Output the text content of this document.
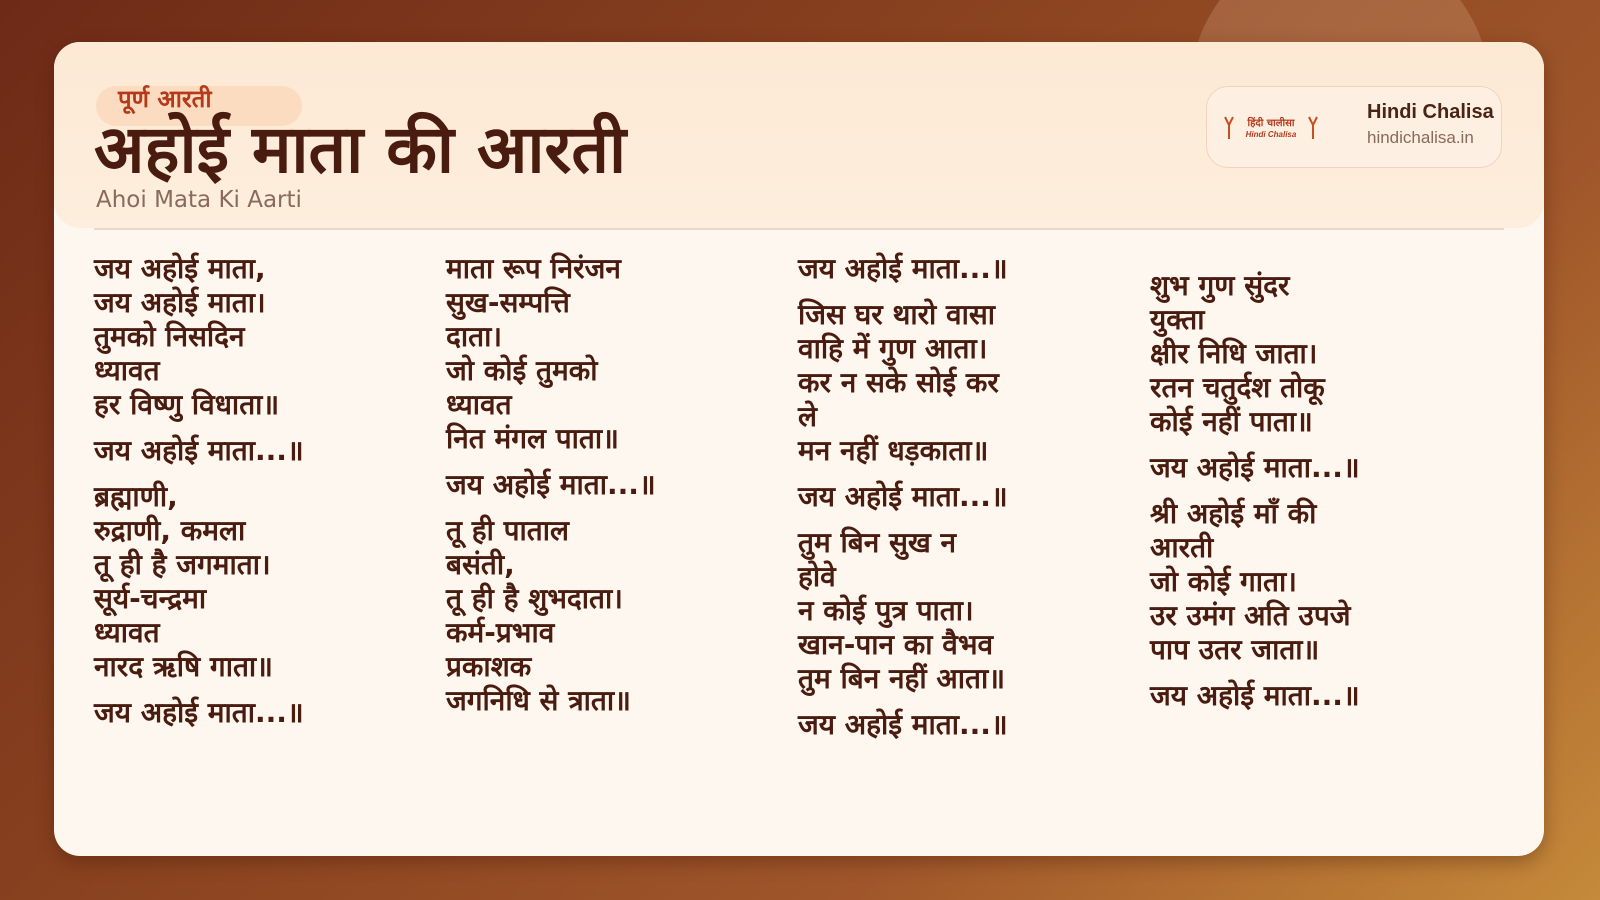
पूर्ण आरती
अहोई माता की आरती
Ahoi Mata Ki Aarti
हिंदी चालीसा
Hindi Chalisa
Hindi Chalisa
hindichalisa.in

जय अहोई माता,
जय अहोई माता।
तुमको निसदिन
ध्यावत
हर विष्णु विधाता॥

जय अहोई माता...॥

ब्रह्माणी,
रुद्राणी, कमला
तू ही है जगमाता।
सूर्य-चन्द्रमा
ध्यावत
नारद ऋषि गाता॥

जय अहोई माता...॥

माता रूप निरंजन
सुख-सम्पत्ति
दाता।
जो कोई तुमको
ध्यावत
नित मंगल पाता॥

जय अहोई माता...॥

तू ही पाताल
बसंती,
तू ही है शुभदाता।
कर्म-प्रभाव
प्रकाशक
जगनिधि से त्राता॥

जय अहोई माता...॥

जिस घर थारो वासा
वाहि में गुण आता।
कर न सके सोई कर
ले
मन नहीं धड़काता॥

जय अहोई माता...॥

तुम बिन सुख न
होवे
न कोई पुत्र पाता।
खान-पान का वैभव
तुम बिन नहीं आता॥

जय अहोई माता...॥

शुभ गुण सुंदर
युक्ता
क्षीर निधि जाता।
रतन चतुर्दश तोकू
कोई नहीं पाता॥

जय अहोई माता...॥

श्री अहोई माँ की
आरती
जो कोई गाता।
उर उमंग अति उपजे
पाप उतर जाता॥

जय अहोई माता...॥
